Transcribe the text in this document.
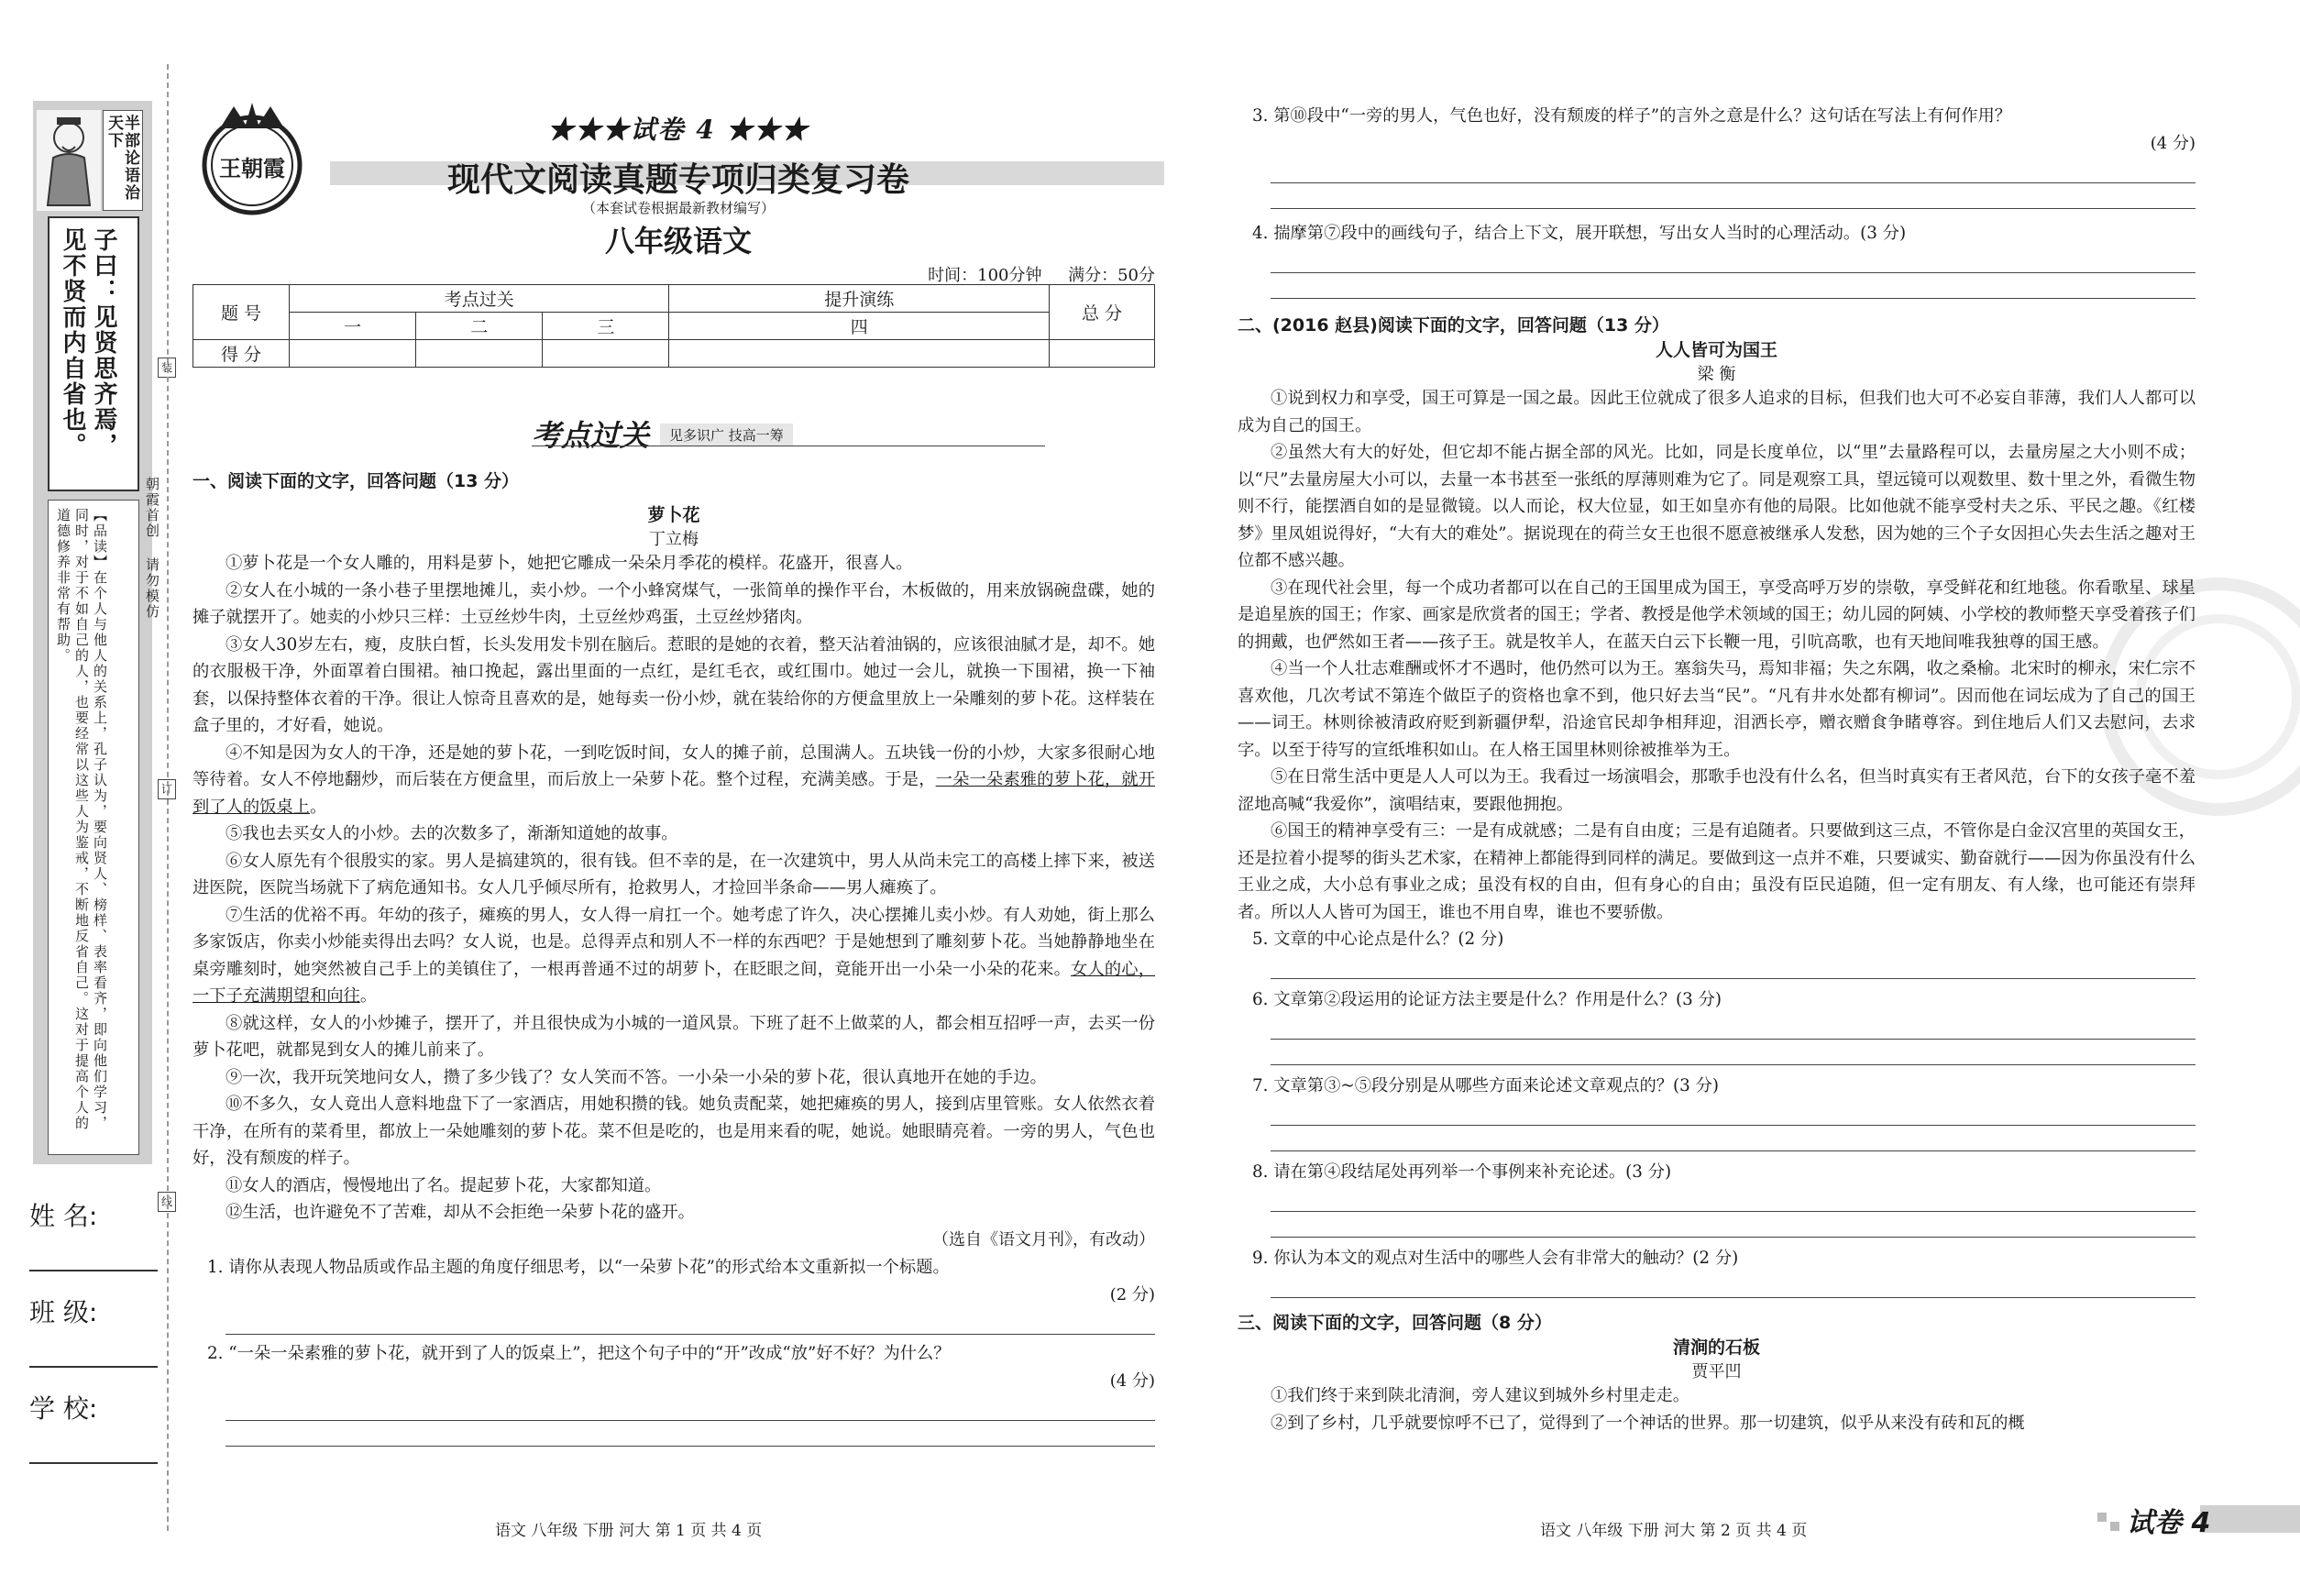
半部论语治天下
子曰：见贤思齐焉，见不贤而内自省也。
【品读】在个人与他人的关系上，孔子认为，要向贤人、榜样、表率看齐，即向他们学习，同时，对于不如自己的人，也要经常以这些人为鉴戒，不断地反省自己。这对于提高个人的道德修养非常有帮助。	朝霞首创 请勿模仿
装
订
线
姓 名:
班 级:
学 校:
王朝霞
★★★试卷 4 ★★★
现代文阅读真题专项归类复习卷
（本套试卷根据最新教材编写）
八年级语文
时间：100分钟 满分：50分
题 号	考点过关			提升演练	总 分
	一	二	三	四	
得 分					
考点过关	见多识广 技高一筹
一、阅读下面的文字，回答问题（13 分）
萝卜花
丁立梅

①萝卜花是一个女人雕的，用料是萝卜，她把它雕成一朵朵月季花的模样。花盛开，很喜人。

②女人在小城的一条小巷子里摆地摊儿，卖小炒。一个小蜂窝煤气，一张简单的操作平台，木板做的，用来放锅碗盘碟，她的摊子就摆开了。她卖的小炒只三样：土豆丝炒牛肉，土豆丝炒鸡蛋，土豆丝炒猪肉。

③女人30岁左右，瘦，皮肤白皙，长头发用发卡别在脑后。惹眼的是她的衣着，整天沾着油锅的，应该很油腻才是，却不。她的衣服极干净，外面罩着白围裙。袖口挽起，露出里面的一点红，是红毛衣，或红围巾。她过一会儿，就换一下围裙，换一下袖套，以保持整体衣着的干净。很让人惊奇且喜欢的是，她每卖一份小炒，就在装给你的方便盒里放上一朵雕刻的萝卜花。这样装在盒子里的，才好看，她说。

④不知是因为女人的干净，还是她的萝卜花，一到吃饭时间，女人的摊子前，总围满人。五块钱一份的小炒，大家多很耐心地等待着。女人不停地翻炒，而后装在方便盒里，而后放上一朵萝卜花。整个过程，充满美感。于是，一朵一朵素雅的萝卜花，就开到了人的饭桌上。

⑤我也去买女人的小炒。去的次数多了，渐渐知道她的故事。

⑥女人原先有个很殷实的家。男人是搞建筑的，很有钱。但不幸的是，在一次建筑中，男人从尚未完工的高楼上摔下来，被送进医院，医院当场就下了病危通知书。女人几乎倾尽所有，抢救男人，才捡回半条命——男人瘫痪了。

⑦生活的优裕不再。年幼的孩子，瘫痪的男人，女人得一肩扛一个。她考虑了许久，决心摆摊儿卖小炒。有人劝她，街上那么多家饭店，你卖小炒能卖得出去吗？女人说，也是。总得弄点和别人不一样的东西吧？于是她想到了雕刻萝卜花。当她静静地坐在桌旁雕刻时，她突然被自己手上的美镇住了，一根再普通不过的胡萝卜，在眨眼之间，竟能开出一小朵一小朵的花来。女人的心，一下子充满期望和向往。

⑧就这样，女人的小炒摊子，摆开了，并且很快成为小城的一道风景。下班了赶不上做菜的人，都会相互招呼一声，去买一份萝卜花吧，就都晃到女人的摊儿前来了。

⑨一次，我开玩笑地问女人，攒了多少钱了？女人笑而不答。一小朵一小朵的萝卜花，很认真地开在她的手边。

⑩不多久，女人竟出人意料地盘下了一家酒店，用她积攒的钱。她负责配菜，她把瘫痪的男人，接到店里管账。女人依然衣着干净，在所有的菜肴里，都放上一朵她雕刻的萝卜花。菜不但是吃的，也是用来看的呢，她说。她眼睛亮着。一旁的男人，气色也好，没有颓废的样子。

⑪女人的酒店，慢慢地出了名。提起萝卜花，大家都知道。

⑫生活，也许避免不了苦难，却从不会拒绝一朵萝卜花的盛开。

（选自《语文月刊》，有改动）
1. 请你从表现人物品质或作品主题的角度仔细思考，以“一朵萝卜花”的形式给本文重新拟一个标题。
(2 分)
2. “一朵一朵素雅的萝卜花，就开到了人的饭桌上”，把这个句子中的“开”改成“放”好不好？为什么？
(4 分)
语文 八年级 下册 河大 第 1 页 共 4 页
3. 第⑩段中“一旁的男人，气色也好，没有颓废的样子”的言外之意是什么？这句话在写法上有何作用？
(4 分)
4. 揣摩第⑦段中的画线句子，结合上下文，展开联想，写出女人当时的心理活动。(3 分)
二、(2016 赵县)阅读下面的文字，回答问题（13 分）
人人皆可为国王
梁 衡

①说到权力和享受，国王可算是一国之最。因此王位就成了很多人追求的目标，但我们也大可不必妄自菲薄，我们人人都可以成为自己的国王。

②虽然大有大的好处，但它却不能占据全部的风光。比如，同是长度单位，以“里”去量路程可以，去量房屋之大小则不成；以“尺”去量房屋大小可以，去量一本书甚至一张纸的厚薄则难为它了。同是观察工具，望远镜可以观数里、数十里之外，看微生物则不行，能摆酒自如的是显微镜。以人而论，权大位显，如王如皇亦有他的局限。比如他就不能享受村夫之乐、平民之趣。《红楼梦》里凤姐说得好，“大有大的难处”。据说现在的荷兰女王也很不愿意被继承人发愁，因为她的三个子女因担心失去生活之趣对王位都不感兴趣。

③在现代社会里，每一个成功者都可以在自己的王国里成为国王，享受高呼万岁的崇敬，享受鲜花和红地毯。你看歌星、球星是追星族的国王；作家、画家是欣赏者的国王；学者、教授是他学术领域的国王；幼儿园的阿姨、小学校的教师整天享受着孩子们的拥戴，也俨然如王者——孩子王。就是牧羊人，在蓝天白云下长鞭一甩，引吭高歌，也有天地间唯我独尊的国王感。

④当一个人壮志难酬或怀才不遇时，他仍然可以为王。塞翁失马，焉知非福；失之东隅，收之桑榆。北宋时的柳永，宋仁宗不喜欢他，几次考试不第连个做臣子的资格也拿不到，他只好去当“民”。“凡有井水处都有柳词”。因而他在词坛成为了自己的国王——词王。林则徐被清政府贬到新疆伊犁，沿途官民却争相拜迎，泪洒长亭，赠衣赠食争睹尊容。到住地后人们又去慰问，去求字。以至于待写的宣纸堆积如山。在人格王国里林则徐被推举为王。

⑤在日常生活中更是人人可以为王。我看过一场演唱会，那歌手也没有什么名，但当时真实有王者风范，台下的女孩子毫不羞涩地高喊“我爱你”，演唱结束，要跟他拥抱。

⑥国王的精神享受有三：一是有成就感；二是有自由度；三是有追随者。只要做到这三点，不管你是白金汉宫里的英国女王，还是拉着小提琴的街头艺术家，在精神上都能得到同样的满足。要做到这一点并不难，只要诚实、勤奋就行——因为你虽没有什么王业之成，大小总有事业之成；虽没有权的自由，但有身心的自由；虽没有臣民追随，但一定有朋友、有人缘，也可能还有崇拜者。所以人人皆可为国王，谁也不用自卑，谁也不要骄傲。

5. 文章的中心论点是什么？(2 分)
6. 文章第②段运用的论证方法主要是什么？作用是什么？(3 分)
7. 文章第③~⑤段分别是从哪些方面来论述文章观点的？(3 分)
8. 请在第④段结尾处再列举一个事例来补充论述。(3 分)
9. 你认为本文的观点对生活中的哪些人会有非常大的触动？(2 分)
三、阅读下面的文字，回答问题（8 分）
清涧的石板
贾平凹

①我们终于来到陕北清涧，旁人建议到城外乡村里走走。

②到了乡村，几乎就要惊呼不已了，觉得到了一个神话的世界。那一切建筑，似乎从来没有砖和瓦的概

语文 八年级 下册 河大 第 2 页 共 4 页	试卷 4
